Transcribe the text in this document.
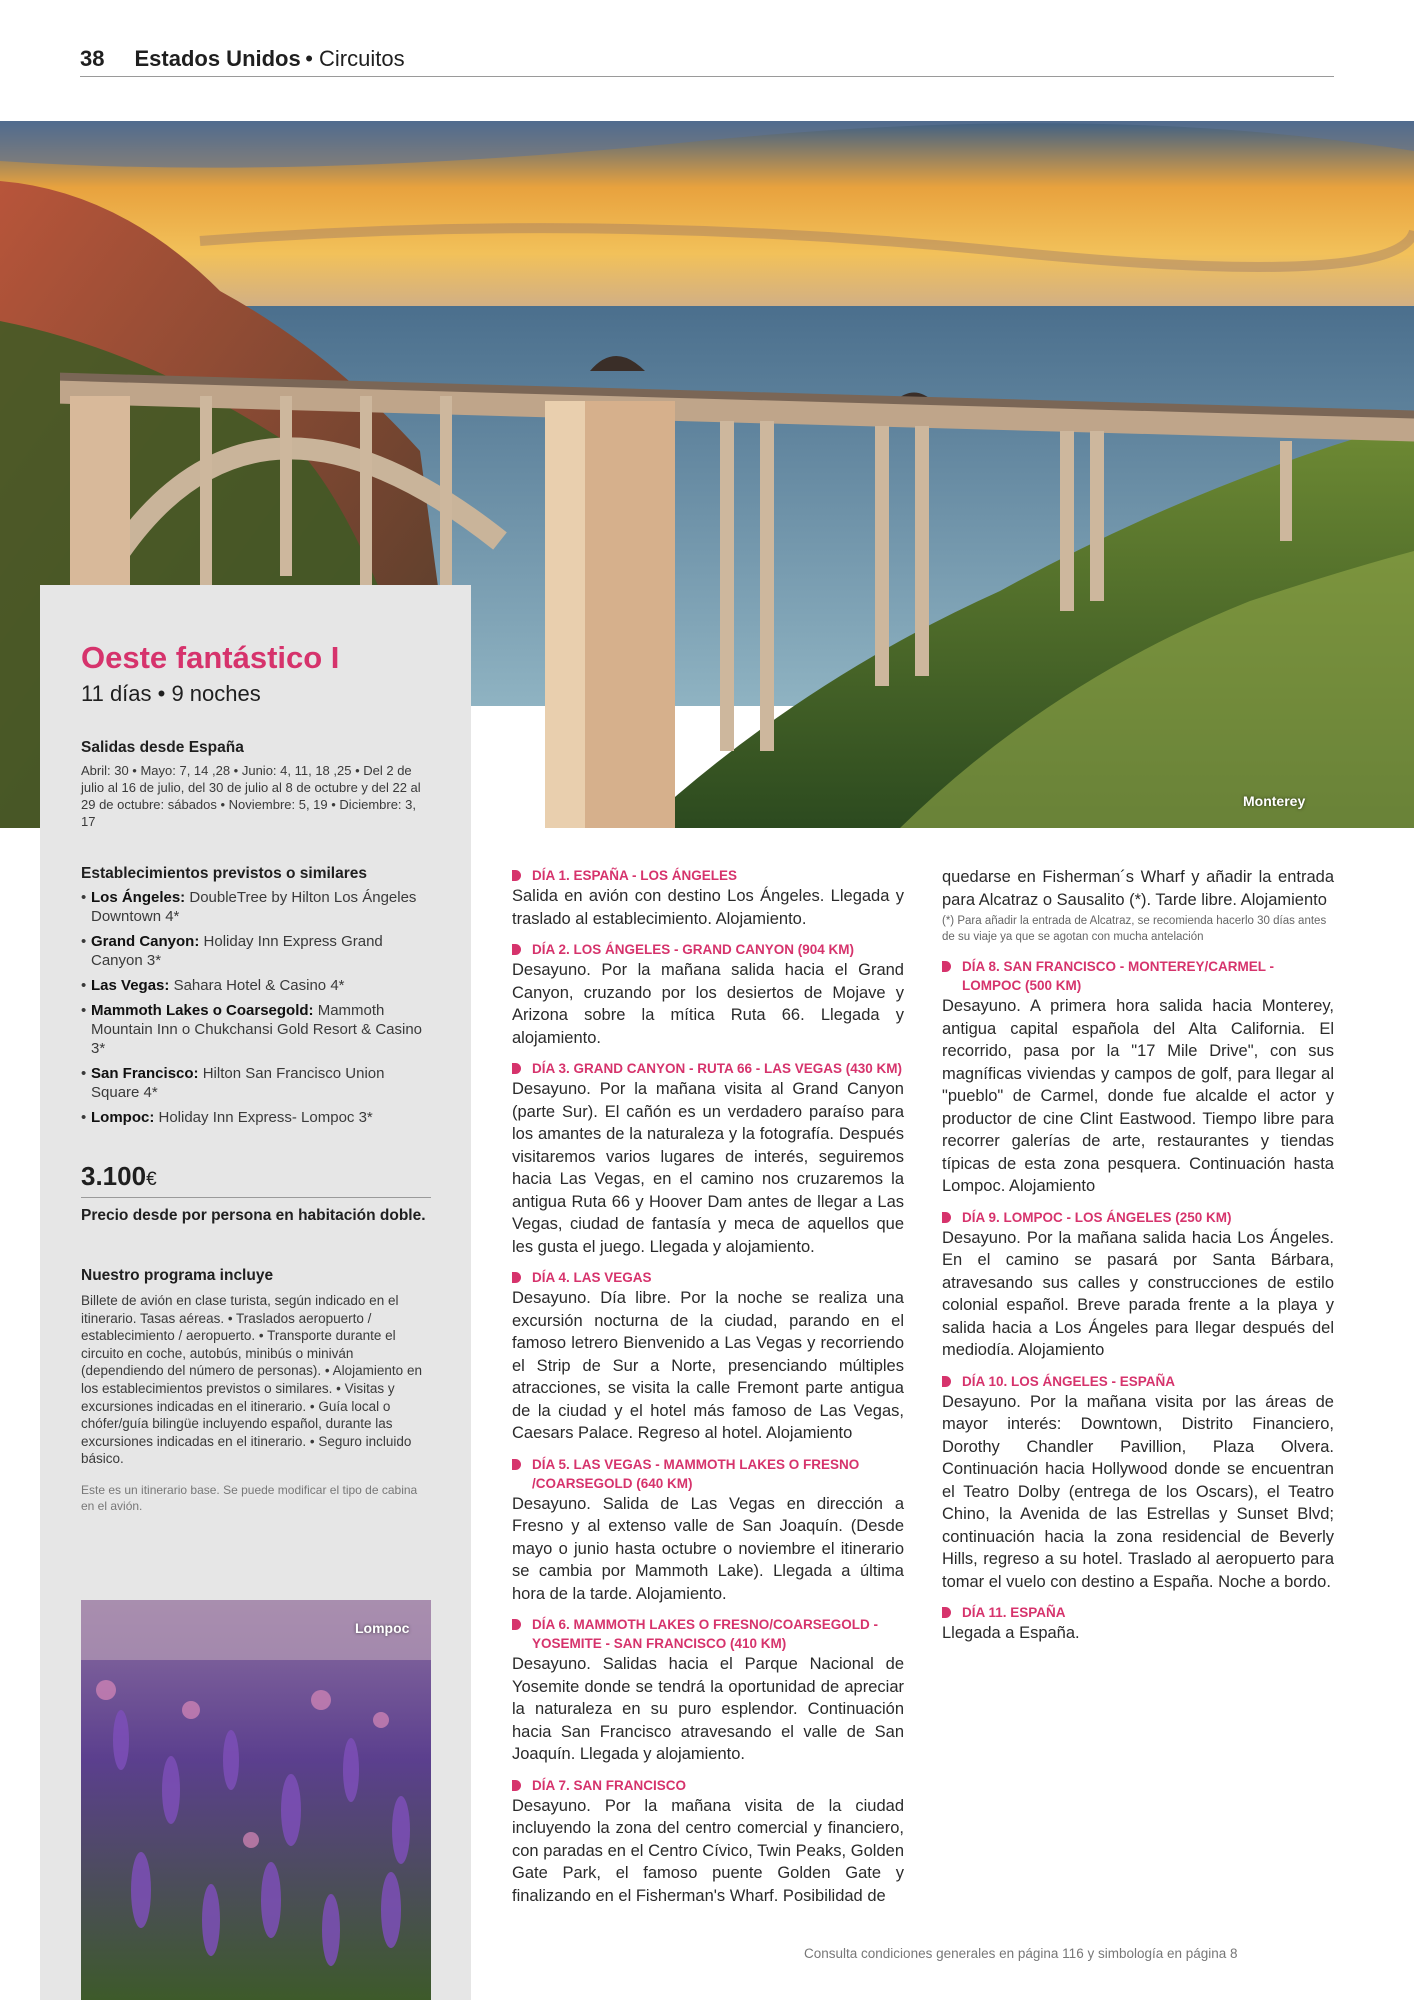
38 Estados Unidos • Circuitos
Monterey
Oeste fantástico I

11 días • 9 noches

Salidas desde España

Abril: 30 • Mayo: 7, 14 ,28 • Junio: 4, 11, 18 ,25 • Del 2 de julio al 16 de julio, del 30 de julio al 8 de octubre y del 22 al 29 de octubre: sábados • Noviembre: 5, 19 • Diciembre: 3, 17

Establecimientos previstos o similares

• Los Ángeles: DoubleTree by Hilton Los Ángeles Downtown 4*
• Grand Canyon: Holiday Inn Express Grand Canyon 3*
• Las Vegas: Sahara Hotel & Casino 4*
• Mammoth Lakes o Coarsegold: Mammoth Mountain Inn o Chukchansi Gold Resort & Casino 3*
• San Francisco: Hilton San Francisco Union Square 4*
• Lompoc: Holiday Inn Express- Lompoc 3*
3.100€
Precio desde por persona en habitación doble.

Nuestro programa incluye

Billete de avión en clase turista, según indicado en el itinerario. Tasas aéreas. • Traslados aeropuerto / establecimiento / aeropuerto. • Transporte durante el circuito en coche, autobús, minibús o miniván (dependiendo del número de personas). • Alojamiento en los establecimientos previstos o similares. • Visitas y excursiones indicadas en el itinerario. • Guía local o chófer/guía bilingüe incluyendo español, durante las excursiones indicadas en el itinerario. • Seguro incluido básico.
Este es un itinerario base. Se puede modificar el tipo de cabina en el avión.
Lompoc
DÍA 1. ESPAÑA - LOS ÁNGELES
Salida en avión con destino Los Ángeles. Llegada y traslado al establecimiento. Alojamiento.
DÍA 2. LOS ÁNGELES - GRAND CANYON (904 KM)
Desayuno. Por la mañana salida hacia el Grand Canyon, cruzando por los desiertos de Mojave y Arizona sobre la mítica Ruta 66. Llegada y alojamiento.
DÍA 3. GRAND CANYON - RUTA 66 - LAS VEGAS (430 KM)
Desayuno. Por la mañana visita al Grand Canyon (parte Sur). El cañón es un verdadero paraíso para los amantes de la naturaleza y la fotografía. Después visitaremos varios lugares de interés, seguiremos hacia Las Vegas, en el camino nos cruzaremos la antigua Ruta 66 y Hoover Dam antes de llegar a Las Vegas, ciudad de fantasía y meca de aquellos que les gusta el juego. Llegada y alojamiento.
DÍA 4. LAS VEGAS
Desayuno. Día libre. Por la noche se realiza una excursión nocturna de la ciudad, parando en el famoso letrero Bienvenido a Las Vegas y recorriendo el Strip de Sur a Norte, presenciando múltiples atracciones, se visita la calle Fremont parte antigua de la ciudad y el hotel más famoso de Las Vegas, Caesars Palace. Regreso al hotel. Alojamiento
DÍA 5. LAS VEGAS - MAMMOTH LAKES O FRESNO /COARSEGOLD (640 KM)
Desayuno. Salida de Las Vegas en dirección a Fresno y al extenso valle de San Joaquín. (Desde mayo o junio hasta octubre o noviembre el itinerario se cambia por Mammoth Lake). Llegada a última hora de la tarde. Alojamiento.
DÍA 6. MAMMOTH LAKES O FRESNO/COARSEGOLD - YOSEMITE - SAN FRANCISCO (410 KM)
Desayuno. Salidas hacia el Parque Nacional de Yosemite donde se tendrá la oportunidad de apreciar la naturaleza en su puro esplendor. Continuación hacia San Francisco atravesando el valle de San Joaquín. Llegada y alojamiento.
DÍA 7. SAN FRANCISCO
Desayuno. Por la mañana visita de la ciudad incluyendo la zona del centro comercial y financiero, con paradas en el Centro Cívico, Twin Peaks, Golden Gate Park, el famoso puente Golden Gate y finalizando en el Fisherman's Wharf. Posibilidad de
quedarse en Fisherman´s Wharf y añadir la entrada para Alcatraz o Sausalito (*). Tarde libre. Alojamiento
(*) Para añadir la entrada de Alcatraz, se recomienda hacerlo 30 días antes de su viaje ya que se agotan con mucha antelación
DÍA 8. SAN FRANCISCO - MONTEREY/CARMEL - LOMPOC (500 KM)
Desayuno. A primera hora salida hacia Monterey, antigua capital española del Alta California. El recorrido, pasa por la "17 Mile Drive", con sus magníficas viviendas y campos de golf, para llegar al "pueblo" de Carmel, donde fue alcalde el actor y productor de cine Clint Eastwood. Tiempo libre para recorrer galerías de arte, restaurantes y tiendas típicas de esta zona pesquera. Continuación hasta Lompoc. Alojamiento
DÍA 9. LOMPOC - LOS ÁNGELES (250 KM)
Desayuno. Por la mañana salida hacia Los Ángeles. En el camino se pasará por Santa Bárbara, atravesando sus calles y construcciones de estilo colonial español. Breve parada frente a la playa y salida hacia a Los Ángeles para llegar después del mediodía. Alojamiento
DÍA 10. LOS ÁNGELES - ESPAÑA
Desayuno. Por la mañana visita por las áreas de mayor interés: Downtown, Distrito Financiero, Dorothy Chandler Pavillion, Plaza Olvera. Continuación hacia Hollywood donde se encuentran el Teatro Dolby (entrega de los Oscars), el Teatro Chino, la Avenida de las Estrellas y Sunset Blvd; continuación hacia la zona residencial de Beverly Hills, regreso a su hotel. Traslado al aeropuerto para tomar el vuelo con destino a España. Noche a bordo.
DÍA 11. ESPAÑA
Llegada a España.
Consulta condiciones generales en página 116 y simbología en página 8
